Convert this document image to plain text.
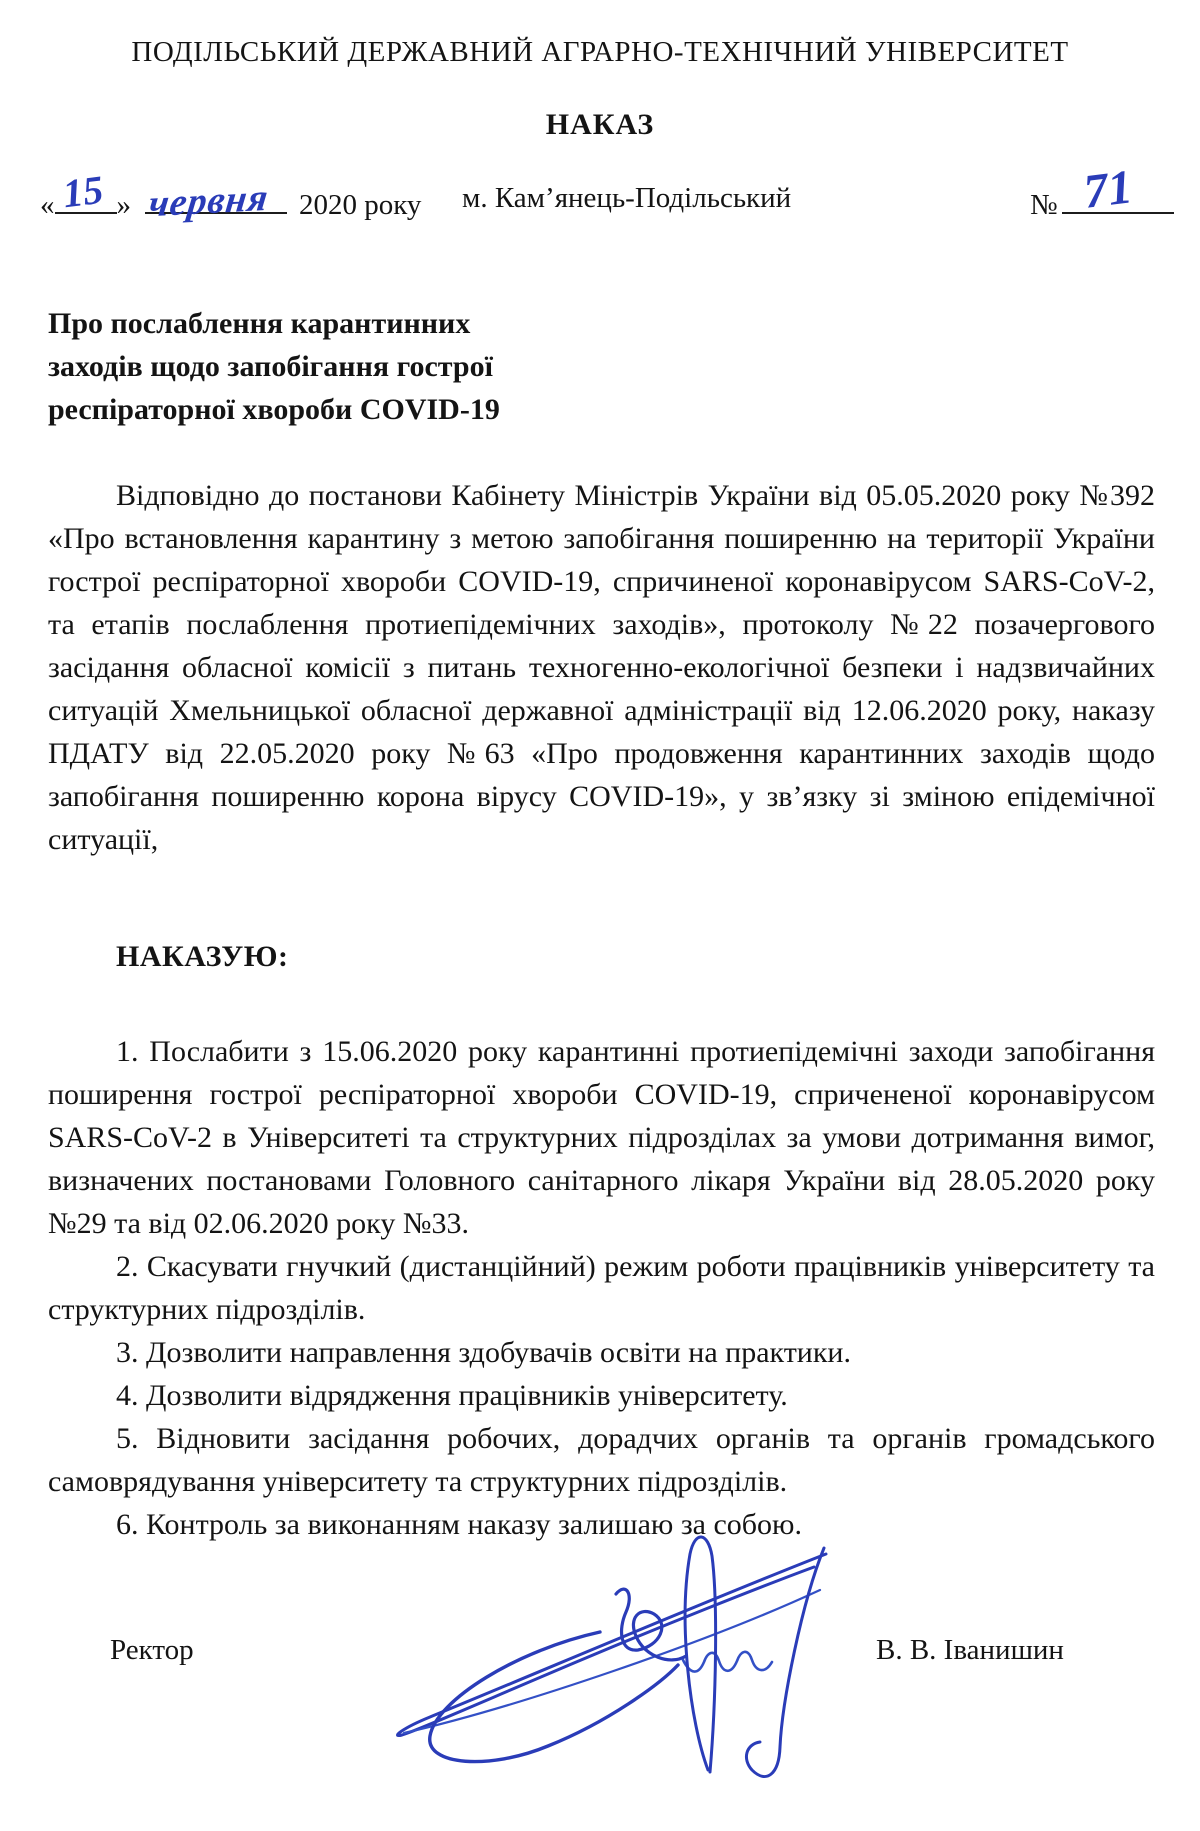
ПОДІЛЬСЬКИЙ ДЕРЖАВНИЙ АГРАРНО-ТЕХНІЧНИЙ УНІВЕРСИТЕТ
НАКАЗ
« 15 » червня 2020 року м. Кам’янець-Подільський	№ 71
Про послаблення карантинних
заходів щодо запобігання гострої
респіраторної хвороби COVID-19
Відповідно до постанови Кабінету Міністрів України від 05.05.2020 року №392 «Про встановлення карантину з метою запобігання поширенню на території України гострої респіраторної хвороби COVID-19, спричиненої коронавірусом SARS-CoV-2, та етапів послаблення протиепідемічних заходів», протоколу №22 позачергового засідання обласної комісії з питань техногенно-екологічної безпеки і надзвичайних ситуацій Хмельницької обласної державної адміністрації від 12.06.2020 року, наказу ПДАТУ від 22.05.2020 року №63 «Про продовження карантинних заходів щодо запобігання поширенню корона вірусу COVID-19», у зв’язку зі зміною епідемічної ситуації,
НАКАЗУЮ:

1. Послабити з 15.06.2020 року карантинні протиепідемічні заходи запобігання поширення гострої респіраторної хвороби COVID-19, спричененої коронавірусом SARS-CoV-2 в Університеті та структурних підрозділах за умови дотримання вимог, визначених постановами Головного санітарного лікаря України від 28.05.2020 року №29 та від 02.06.2020 року №33.

2. Скасувати гнучкий (дистанційний) режим роботи працівників університету та структурних підрозділів.

3. Дозволити направлення здобувачів освіти на практики.

4. Дозволити відрядження працівників університету.

5. Відновити засідання робочих, дорадчих органів та органів громадського самоврядування університету та структурних підрозділів.

6. Контроль за виконанням наказу залишаю за собою.

Ректор	В. В. Іванишин
